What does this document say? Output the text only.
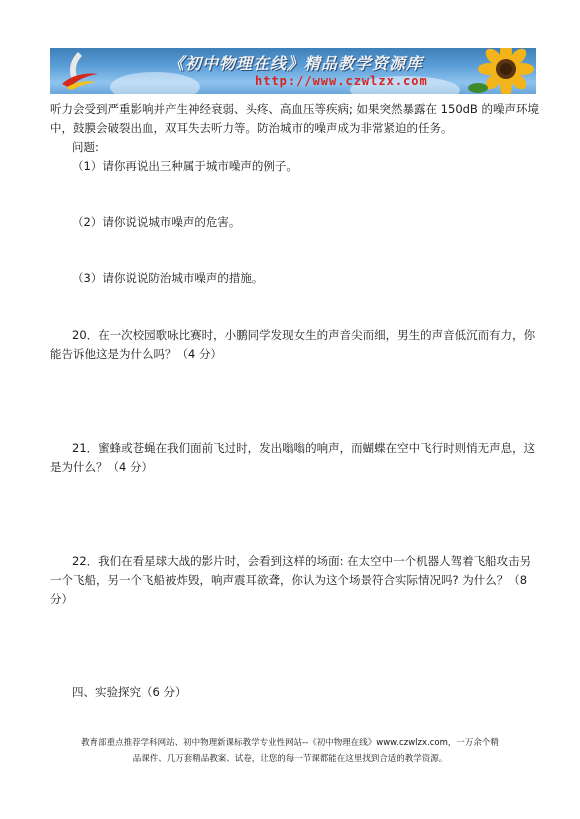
《初中物理在线》精品教学资源库
http://www.czwlzx.com
听力会受到严重影响并产生神经衰弱、头疼、高血压等疾病; 如果突然暴露在 150dB 的噪声环境
中，鼓膜会破裂出血，双耳失去听力等。防治城市的噪声成为非常紧迫的任务。
问题:
（1）请你再说出三种属于城市噪声的例子。
（2）请你说说城市噪声的危害。
（3）请你说说防治城市噪声的措施。
20．在一次校园歌咏比赛时，小鹏同学发现女生的声音尖而细，男生的声音低沉而有力，你
能告诉他这是为什么吗？（4 分）
21．蜜蜂或苍蝇在我们面前飞过时，发出嗡嗡的响声，而蝴蝶在空中飞行时则悄无声息，这
是为什么？（4 分）
22．我们在看星球大战的影片时，会看到这样的场面: 在太空中一个机器人驾着飞船攻击另
一个飞船，另一个飞船被炸毁，响声震耳欲聋，你认为这个场景符合实际情况吗? 为什么？（8
分）
四、实验探究（6 分）
教育部重点推荐学科网站、初中物理新课标教学专业性网站--《初中物理在线》www.czwlzx.com，一万余个精
品课件、几万套精品教案、试卷，让您的每一节课都能在这里找到合适的教学资源。
